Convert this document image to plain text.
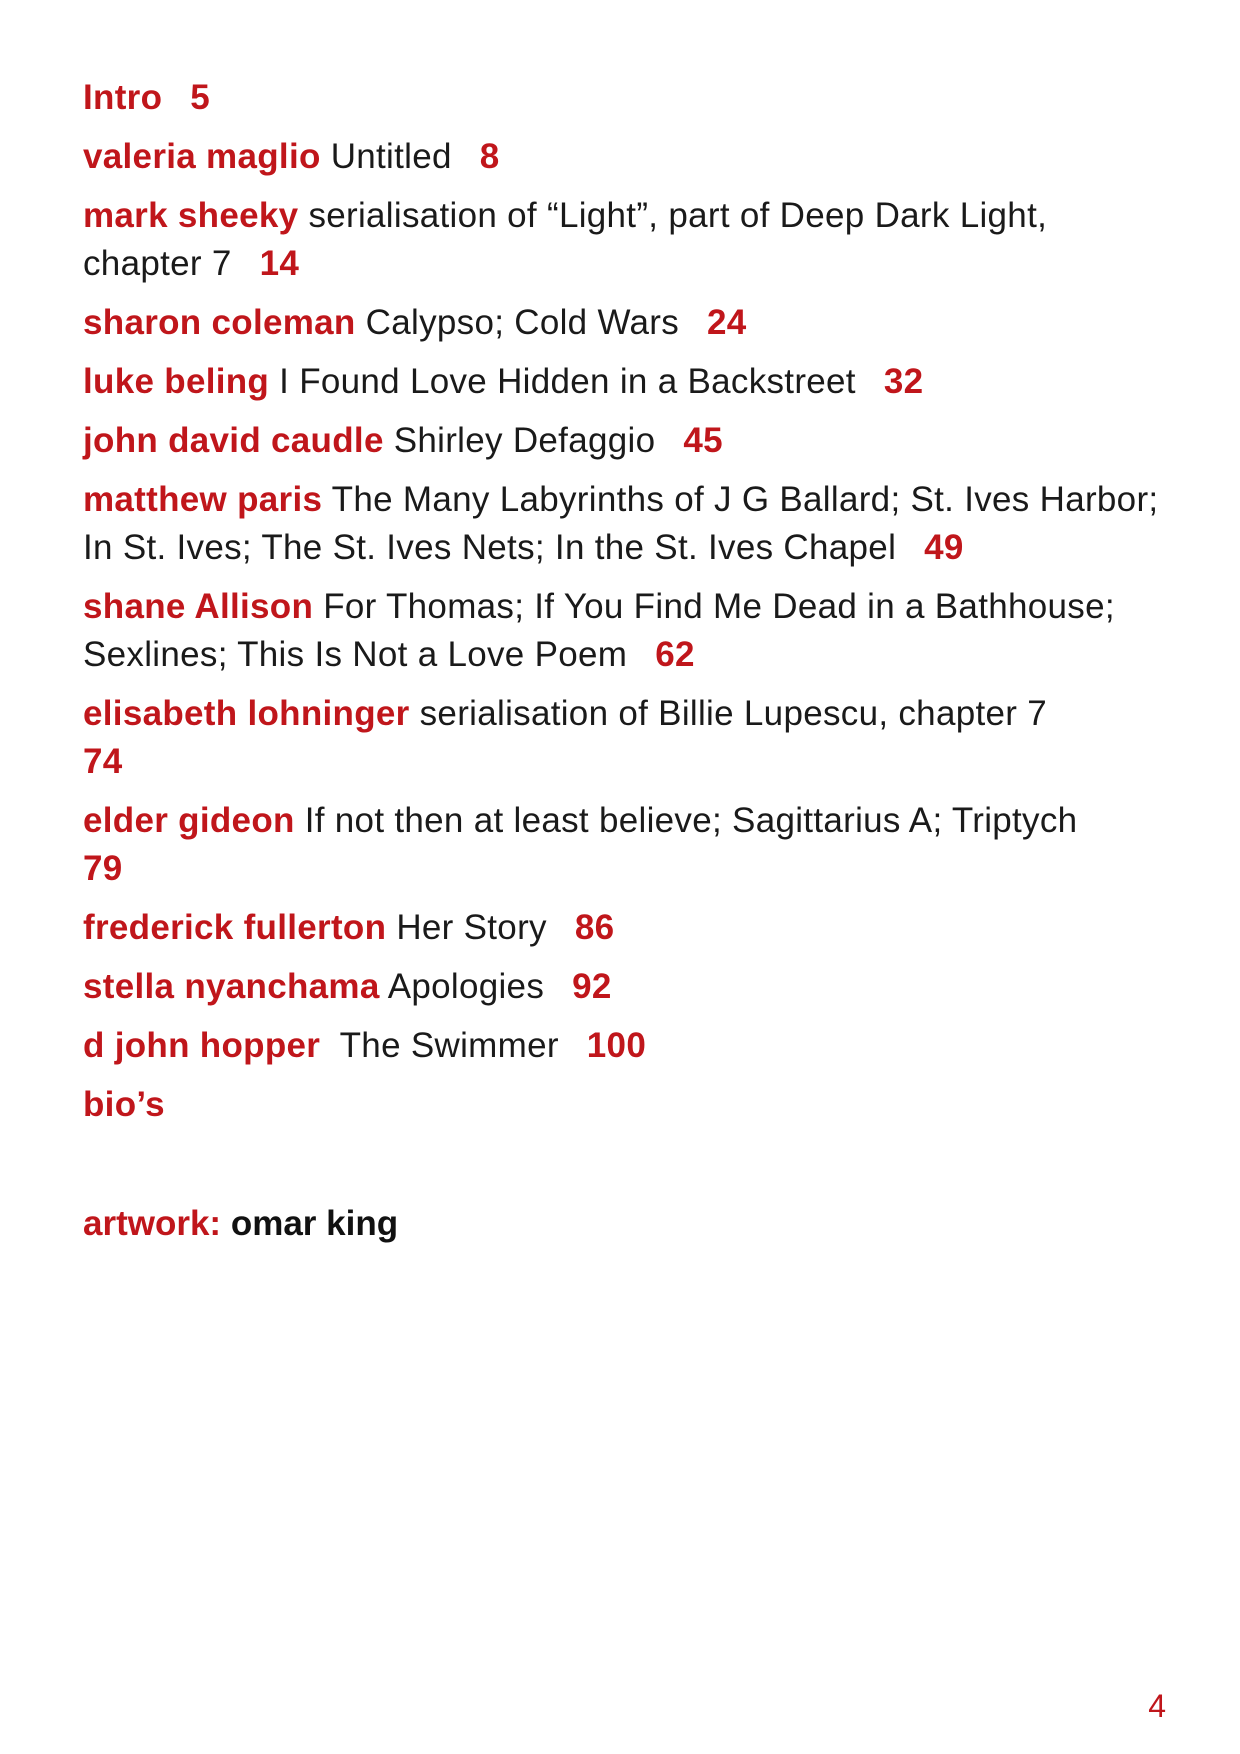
Intro 5
valeria maglio Untitled 8
mark sheeky serialisation of “Light”, part of Deep Dark Light, chapter 7 14
sharon coleman Calypso; Cold Wars 24
luke beling I Found Love Hidden in a Backstreet 32
john david caudle Shirley Defaggio 45
matthew paris The Many Labyrinths of J G Ballard; St. Ives Harbor; In St. Ives; The St. Ives Nets; In the St. Ives Chapel 49
shane Allison For Thomas; If You Find Me Dead in a Bathhouse; Sexlines; This Is Not a Love Poem 62
elisabeth lohninger serialisation of Billie Lupescu, chapter 7
74
elder gideon If not then at least believe; Sagittarius A; Triptych
79
frederick fullerton Her Story 86
stella nyanchama Apologies 92
d john hopper The Swimmer 100
bio’s
artwork: omar king
4
